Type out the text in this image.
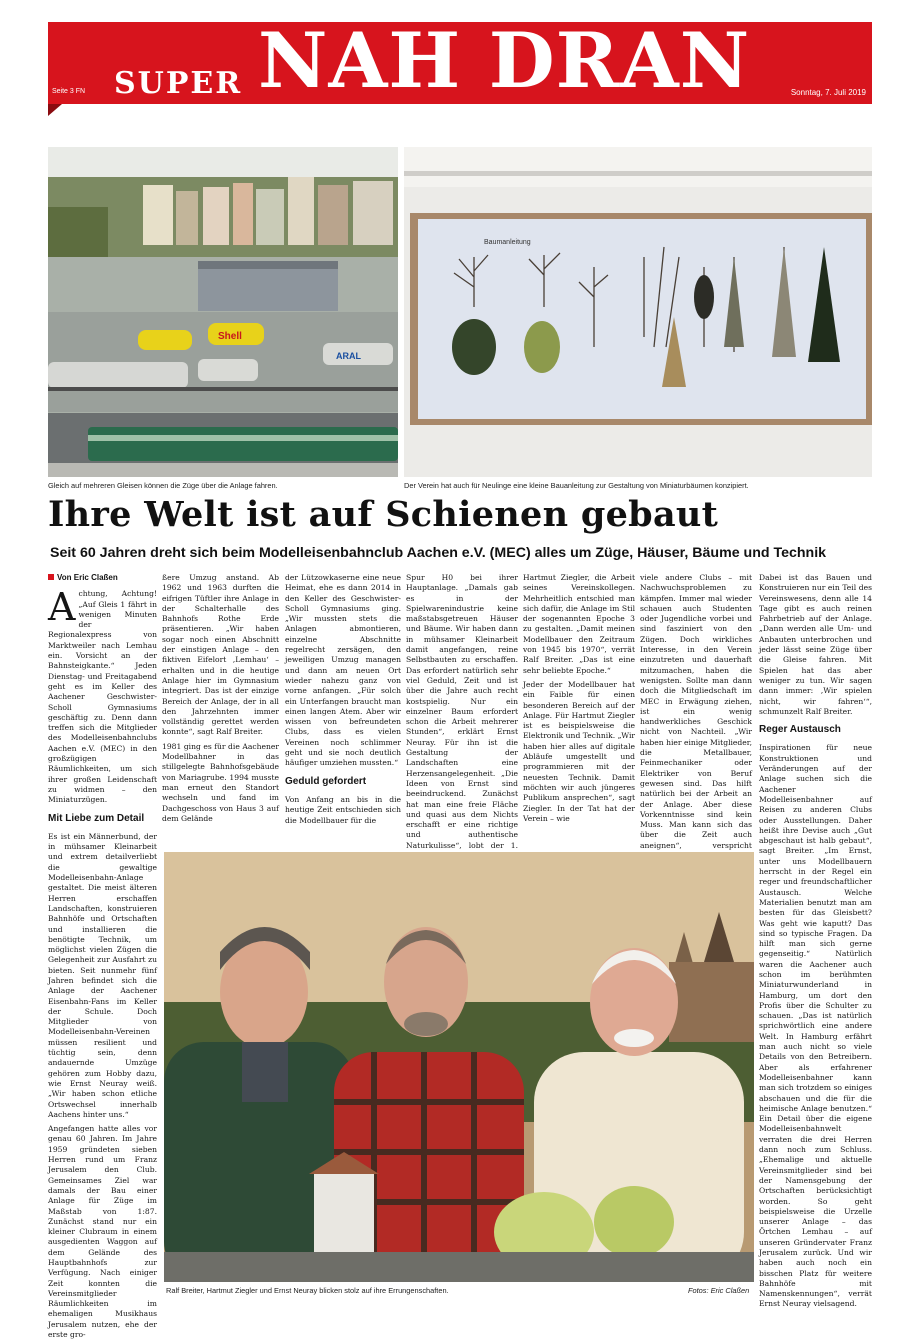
SUPER NAH DRAN
Seite 3 FN	Sonntag, 7. Juli 2019
Shell
ARAL
Gleich auf mehreren Gleisen können die Züge über die Anlage fahren.
Baumanleitung
Der Verein hat auch für Neulinge eine kleine Bauanleitung zur Gestaltung von Miniaturbäumen konzipiert.
Ihre Welt ist auf Schienen gebaut
Seit 60 Jahren dreht sich beim Modelleisenbahnclub Aachen e.V. (MEC) alles um Züge, Häuser, Bäume und Technik
Von Eric Claßen

Achtung, Achtung! „Auf Gleis 1 fährt in wenigen Minuten der Regionalexpress von Marktweiler nach Lemhau ein. Vorsicht an der Bahnsteigkante.“ Jeden Dienstag- und Freitagabend geht es im Keller des Aachener Geschwister-Scholl Gymnasiums geschäftig zu. Denn dann treffen sich die Mitglieder des Modelleisenbahnclubs Aachen e.V. (MEC) in den großzügigen Räumlichkeiten, um sich ihrer großen Leidenschaft zu widmen – den Miniaturzügen.

Mit Liebe zum Detail

Es ist ein Männerbund, der in mühsamer Kleinarbeit und extrem detailverliebt die gewaltige Modelleisenbahn-Anlage gestaltet. Die meist älteren Herren erschaffen Landschaften, konstruieren Bahnhöfe und Ortschaften und installieren die benötigte Technik, um möglichst vielen Zügen die Gelegenheit zur Ausfahrt zu bieten. Seit nunmehr fünf Jahren befindet sich die Anlage der Aachener Eisenbahn-Fans im Keller der Schule. Doch Mitglieder von Modelleisenbahn-Vereinen müssen resilient und tüchtig sein, denn andauernde Umzüge gehören zum Hobby dazu, wie Ernst Neuray weiß. „Wir haben schon etliche Ortswechsel innerhalb Aachens hinter uns.“

Angefangen hatte alles vor genau 60 Jahren. Im Jahre 1959 gründeten sieben Herren rund um Franz Jerusalem den Club. Gemeinsames Ziel war damals der Bau einer Anlage für Züge im Maßstab von 1:87. Zunächst stand nur ein kleiner Clubraum in einem ausgedienten Waggon auf dem Gelände des Hauptbahnhofs zur Verfügung. Nach einiger Zeit konnten die Vereinsmitglieder Räumlichkeiten im ehemaligen Musikhaus Jerusalem nutzen, ehe der erste gro-

ßere Umzug anstand. Ab 1962 und 1963 durften die eifrigen Tüftler ihre Anlage in der Schalterhalle des Bahnhofs Rothe Erde präsentieren. „Wir haben sogar noch einen Abschnitt der einstigen Anlage – den fiktiven Eifelort ‚Lemhau‘ – erhalten und in die heutige Anlage hier im Gymnasium integriert. Das ist der einzige Bereich der Anlage, der in all den Jahrzehnten immer vollständig gerettet werden konnte“, sagt Ralf Breiter.

1981 ging es für die Aachener Modellbahner in das stillgelegte Bahnhofsgebäude von Mariagrube. 1994 musste man erneut den Standort wechseln und fand im Dachgeschoss von Haus 3 auf dem Gelände

der Lützowkaserne eine neue Heimat, ehe es dann 2014 in den Keller des Geschwister-Scholl Gymnasiums ging. „Wir mussten stets die Anlagen abmontieren, einzelne Abschnitte regelrecht zersägen, den jeweiligen Umzug managen und dann am neuen Ort wieder nahezu ganz von vorne anfangen. „Für solch ein Unterfangen braucht man einen langen Atem. Aber wir wissen von befreundeten Clubs, dass es vielen Vereinen noch schlimmer geht und sie noch deutlich häufiger umziehen mussten.“

Geduld gefordert

Von Anfang an bis in die heutige Zeit entschieden sich die Modellbauer für die

Spur H0 bei ihrer Hauptanlage. „Damals gab es in der Spielwarenindustrie keine maßstabsgetreuen Häuser und Bäume. Wir haben dann in mühsamer Kleinarbeit damit angefangen, reine Selbstbauten zu erschaffen. Das erfordert natürlich sehr viel Geduld, Zeit und ist über die Jahre auch recht kostspielig. Nur ein einzelner Baum erfordert schon die Arbeit mehrerer Stunden“, erklärt Ernst Neuray. Für ihn ist die Gestaltung der Landschaften eine Herzensangelegenheit. „Die Ideen von Ernst sind beeindruckend. Zunächst hat man eine freie Fläche und quasi aus dem Nichts erschafft er eine richtige und authentische Naturkulisse“, lobt der 1.

Hartmut Ziegler, die Arbeit seines Vereinskollegen. Mehrheitlich entschied man sich dafür, die Anlage im Stil der sogenannten Epoche 3 zu gestalten. „Damit meinen Modellbauer den Zeitraum von 1945 bis 1970“, verrät Ralf Breiter. „Das ist eine sehr beliebte Epoche.“

Jeder der Modellbauer hat ein Faible für einen besonderen Bereich auf der Anlage. Für Hartmut Ziegler ist es beispielsweise die Elektronik und Technik. „Wir haben hier alles auf digitale Abläufe umgestellt und programmieren mit der neuesten Technik. Damit möchten wir auch jüngeres Publikum ansprechen“, sagt Ziegler. In der Tat hat der Verein – wie

viele andere Clubs – mit Nachwuchsproblemen zu kämpfen. Immer mal wieder schauen auch Studenten oder Jugendliche vorbei und sind fasziniert von den Zügen. Doch wirkliches Interesse, in den Verein einzutreten und dauerhaft mitzumachen, haben die wenigsten. Sollte man dann doch die Mitgliedschaft im MEC in Erwägung ziehen, ist ein wenig handwerkliches Geschick nicht von Nachteil. „Wir haben hier einige Mitglieder, die Metallbauer, Feinmechaniker oder Elektriker von Beruf gewesen sind. Das hilft natürlich bei der Arbeit an der Anlage. Aber diese Vorkenntnisse sind kein Muss. Man kann sich das über die Zeit auch aneignen“, verspricht

Dabei ist das Bauen und Konstruieren nur ein Teil des Vereinswesens, denn alle 14 Tage gibt es auch reinen Fahrbetrieb auf der Anlage. „Dann werden alle Um- und Anbauten unterbrochen und jeder lässt seine Züge über die Gleise fahren. Mit Spielen hat das aber weniger zu tun. Wir sagen dann immer: ‚Wir spielen nicht, wir fahren‘“, schmunzelt Ralf Breiter.

Reger Austausch

Inspirationen für neue Konstruktionen und Veränderungen auf der Anlage suchen sich die Aachener Modelleisenbahner auf Reisen zu anderen Clubs oder Ausstellungen. Daher heißt ihre Devise auch „Gut abgeschaut ist halb gebaut“, sagt Breiter. „Im Ernst, unter uns Modellbauern herrscht in der Regel ein reger und freundschaftlicher Austausch. Welche Materialien benutzt man am besten für das Gleisbett? Was geht wie kaputt? Das sind so typische Fragen. Da hilft man sich gerne gegenseitig.“ Natürlich waren die Aachener auch schon im berühmten Miniaturwunderland in Hamburg, um dort den Profis über die Schulter zu schauen. „Das ist natürlich sprichwörtlich eine andere Welt. In Hamburg erfährt man auch nicht so viele Details von den Betreibern. Aber als erfahrener Modelleisenbahner kann man sich trotzdem so einiges abschauen und die für die heimische Anlage benutzen.“ Ein Detail über die eigene Modelleisenbahnwelt verraten die drei Herren dann noch zum Schluss. „Ehemalige und aktuelle Vereinsmitglieder sind bei der Namensgebung der Ortschaften berücksichtigt worden. So geht beispielsweise die Urzelle unserer Anlage – das Örtchen Lemhau – auf unseren Gründervater Franz Jerusalem zurück. Und wir haben auch noch ein bisschen Platz für weitere Bahnhöfe mit Namenskennungen“, verrät Ernst Neuray vielsagend.

Ralf Breiter, Hartmut Ziegler und Ernst Neuray blicken stolz auf ihre Errungenschaften.	Fotos: Eric Claßen
